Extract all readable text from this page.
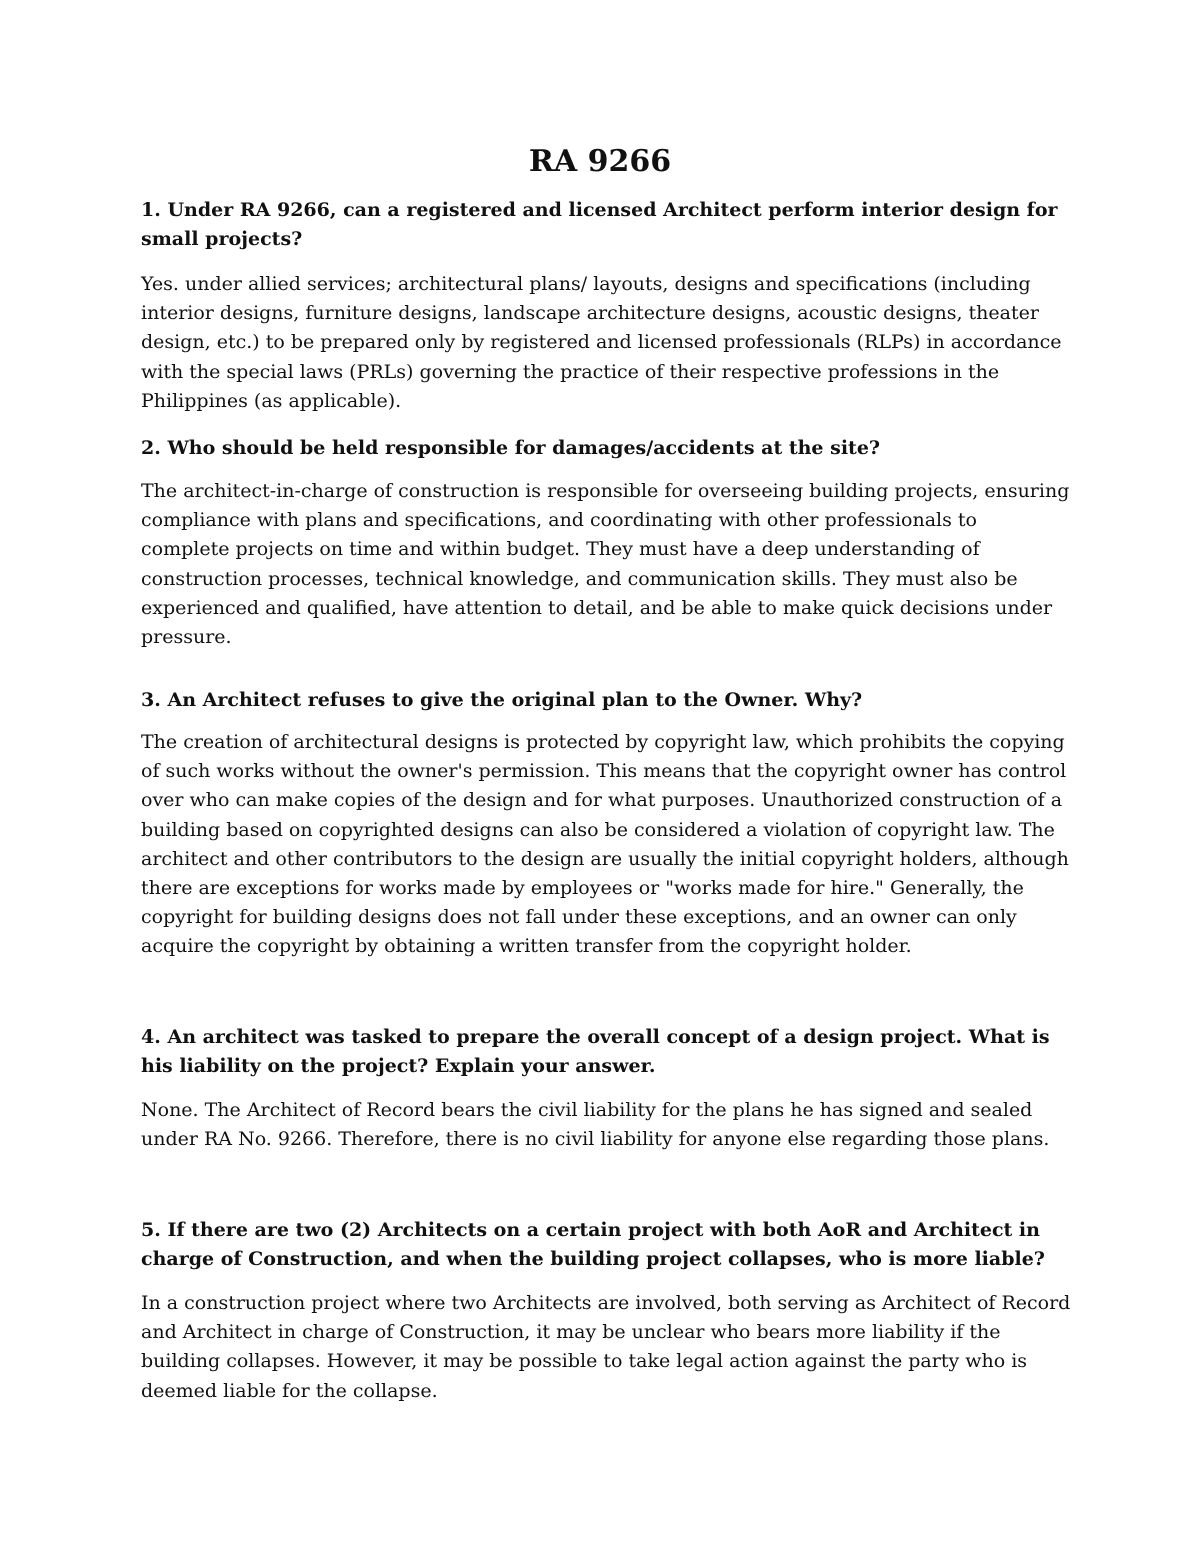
RA 9266

1. Under RA 9266, can a registered and licensed Architect perform interior design for small projects?

Yes. under allied services; architectural plans/ layouts, designs and specifications (including interior designs, furniture designs, landscape architecture designs, acoustic designs, theater design, etc.) to be prepared only by registered and licensed professionals (RLPs) in accordance with the special laws (PRLs) governing the practice of their respective professions in the Philippines (as applicable).

2. Who should be held responsible for damages/accidents at the site?

The architect-in-charge of construction is responsible for overseeing building projects, ensuring compliance with plans and specifications, and coordinating with other professionals to complete projects on time and within budget. They must have a deep understanding of construction processes, technical knowledge, and communication skills. They must also be experienced and qualified, have attention to detail, and be able to make quick decisions under pressure.

3. An Architect refuses to give the original plan to the Owner. Why?

The creation of architectural designs is protected by copyright law, which prohibits the copying of such works without the owner's permission. This means that the copyright owner has control over who can make copies of the design and for what purposes. Unauthorized construction of a building based on copyrighted designs can also be considered a violation of copyright law. The architect and other contributors to the design are usually the initial copyright holders, although there are exceptions for works made by employees or "works made for hire." Generally, the copyright for building designs does not fall under these exceptions, and an owner can only acquire the copyright by obtaining a written transfer from the copyright holder.

4. An architect was tasked to prepare the overall concept of a design project. What is his liability on the project? Explain your answer.

None. The Architect of Record bears the civil liability for the plans he has signed and sealed under RA No. 9266. Therefore, there is no civil liability for anyone else regarding those plans.

5. If there are two (2) Architects on a certain project with both AoR and Architect in charge of Construction, and when the building project collapses, who is more liable?

In a construction project where two Architects are involved, both serving as Architect of Record and Architect in charge of Construction, it may be unclear who bears more liability if the building collapses. However, it may be possible to take legal action against the party who is deemed liable for the collapse.
